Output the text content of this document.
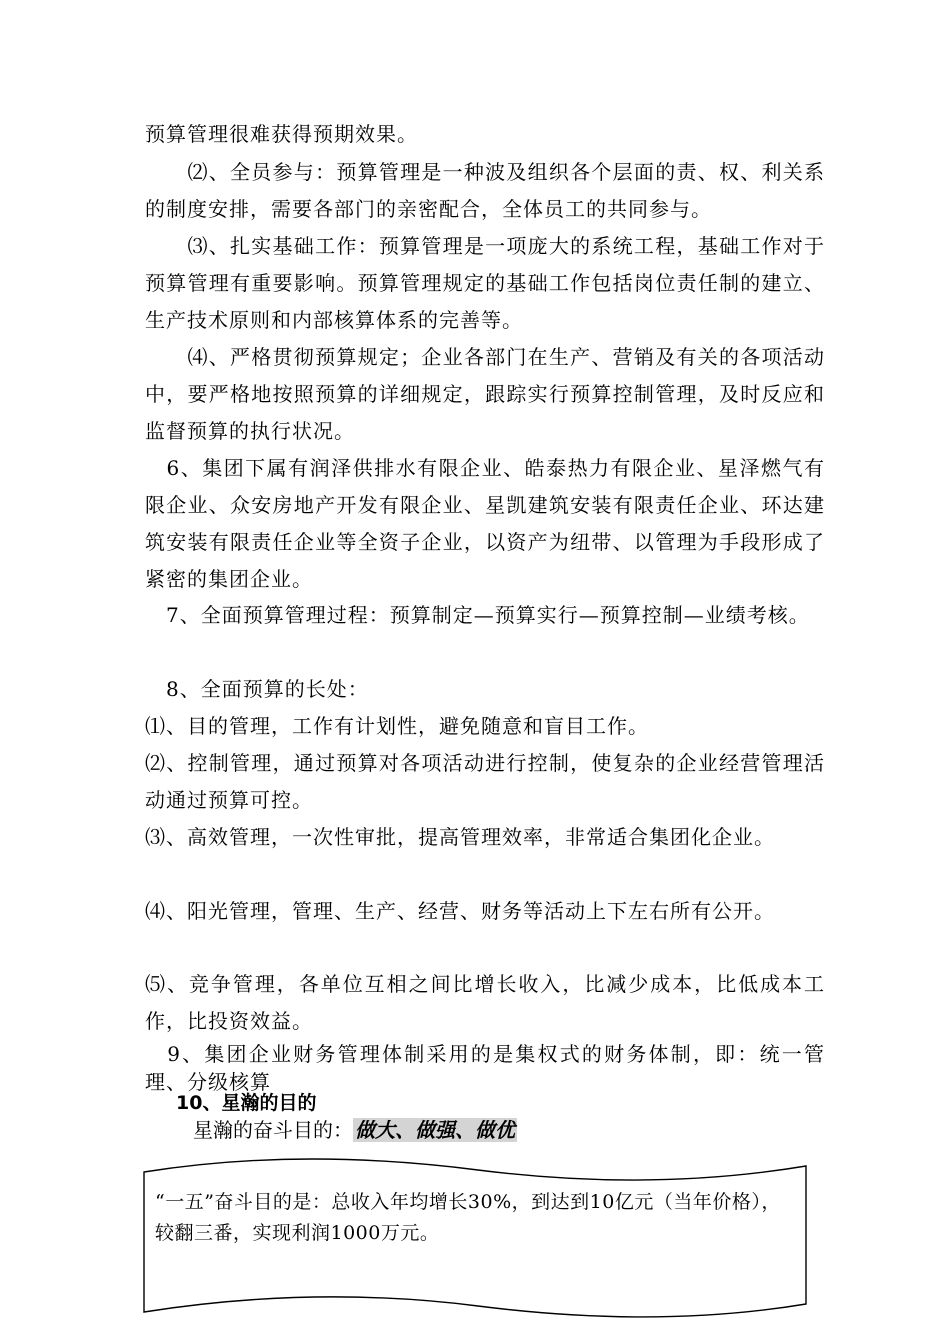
预算管理很难获得预期效果。

　　⑵、全员参与：预算管理是一种波及组织各个层面的责、权、利关系的制度安排，需要各部门的亲密配合，全体员工的共同参与。

　　⑶、扎实基础工作：预算管理是一项庞大的系统工程，基础工作对于预算管理有重要影响。预算管理规定的基础工作包括岗位责任制的建立、生产技术原则和内部核算体系的完善等。

　　⑷、严格贯彻预算规定；企业各部门在生产、营销及有关的各项活动中，要严格地按照预算的详细规定，跟踪实行预算控制管理，及时反应和监督预算的执行状况。

　6、集团下属有润泽供排水有限企业、皓泰热力有限企业、星泽燃气有限企业、众安房地产开发有限企业、星凯建筑安装有限责任企业、环达建筑安装有限责任企业等全资子企业，以资产为纽带、以管理为手段形成了紧密的集团企业。

　7、全面预算管理过程：预算制定—预算实行—预算控制—业绩考核。

　8、全面预算的长处：

⑴、目的管理，工作有计划性，避免随意和盲目工作。

⑵、控制管理，通过预算对各项活动进行控制，使复杂的企业经营管理活动通过预算可控。

⑶、高效管理，一次性审批，提高管理效率，非常适合集团化企业。

⑷、阳光管理，管理、生产、经营、财务等活动上下左右所有公开。

⑸、竞争管理，各单位互相之间比增长收入，比减少成本，比低成本工作，比投资效益。

　9、集团企业财务管理体制采用的是集权式的财务体制，即：统一管理、分级核算

10、星瀚的目的

星瀚的奋斗目的： 做大、做强、做优

“一五”奋斗目的是：总收入年均增长30%，到达到10亿元（当年价格），较翻三番，实现利润1000万元。
